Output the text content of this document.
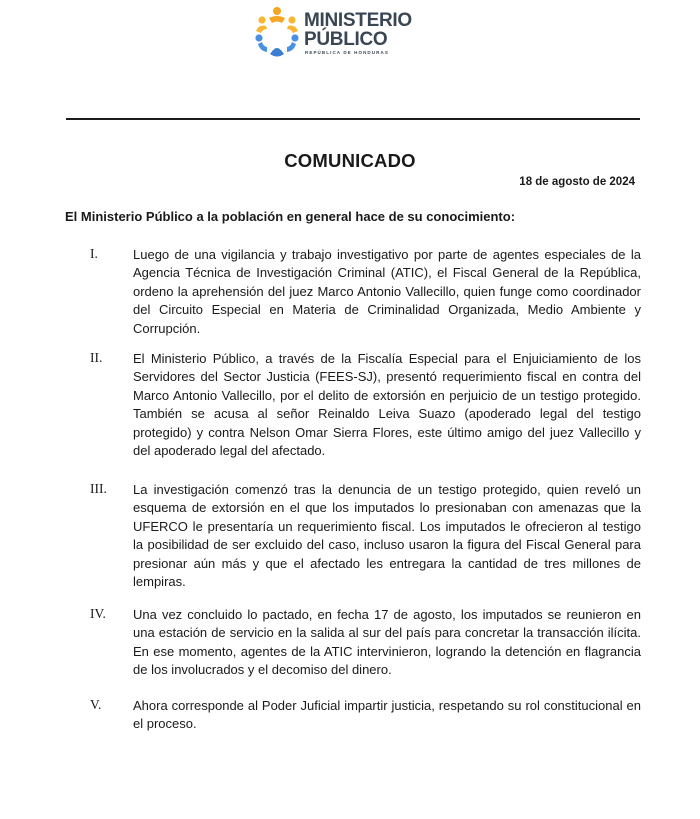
MINISTERIO
PÚBLICO
REPÚBLICA DE HONDURAS
COMUNICADO
18 de agosto de 2024
El Ministerio Público a la población en general hace de su conocimiento:
I.	Luego de una vigilancia y trabajo investigativo por parte de agentes especiales de la Agencia Técnica de Investigación Criminal (ATIC), el Fiscal General de la República, ordeno la aprehensión del juez Marco Antonio Vallecillo, quien funge como coordinador del Circuito Especial en Materia de Criminalidad Organizada, Medio Ambiente y Corrupción.
II. El Ministerio Público, a través de la Fiscalía Especial para el Enjuiciamiento de los Servidores del Sector Justicia (FEES-SJ), presentó requerimiento fiscal en contra del Marco Antonio Vallecillo, por el delito de extorsión en perjuicio de un testigo protegido. También se acusa al señor Reinaldo Leiva Suazo (apoderado legal del testigo protegido) y contra Nelson Omar Sierra Flores, este último amigo del juez Vallecillo y del apoderado legal del afectado.
III. La investigación comenzó tras la denuncia de un testigo protegido, quien reveló un esquema de extorsión en el que los imputados lo presionaban con amenazas que la UFERCO le presentaría un requerimiento fiscal. Los imputados le ofrecieron al testigo la posibilidad de ser excluido del caso, incluso usaron la figura del Fiscal General para presionar aún más y que el afectado les entregara la cantidad de tres millones de lempiras.
IV. Una vez concluido lo pactado, en fecha 17 de agosto, los imputados se reunieron en una estación de servicio en la salida al sur del país para concretar la transacción ilícita. En ese momento, agentes de la ATIC intervinieron, logrando la detención en flagrancia de los involucrados y el decomiso del dinero.
V. Ahora corresponde al Poder Juficial impartir justicia, respetando su rol constitucional en el proceso.
